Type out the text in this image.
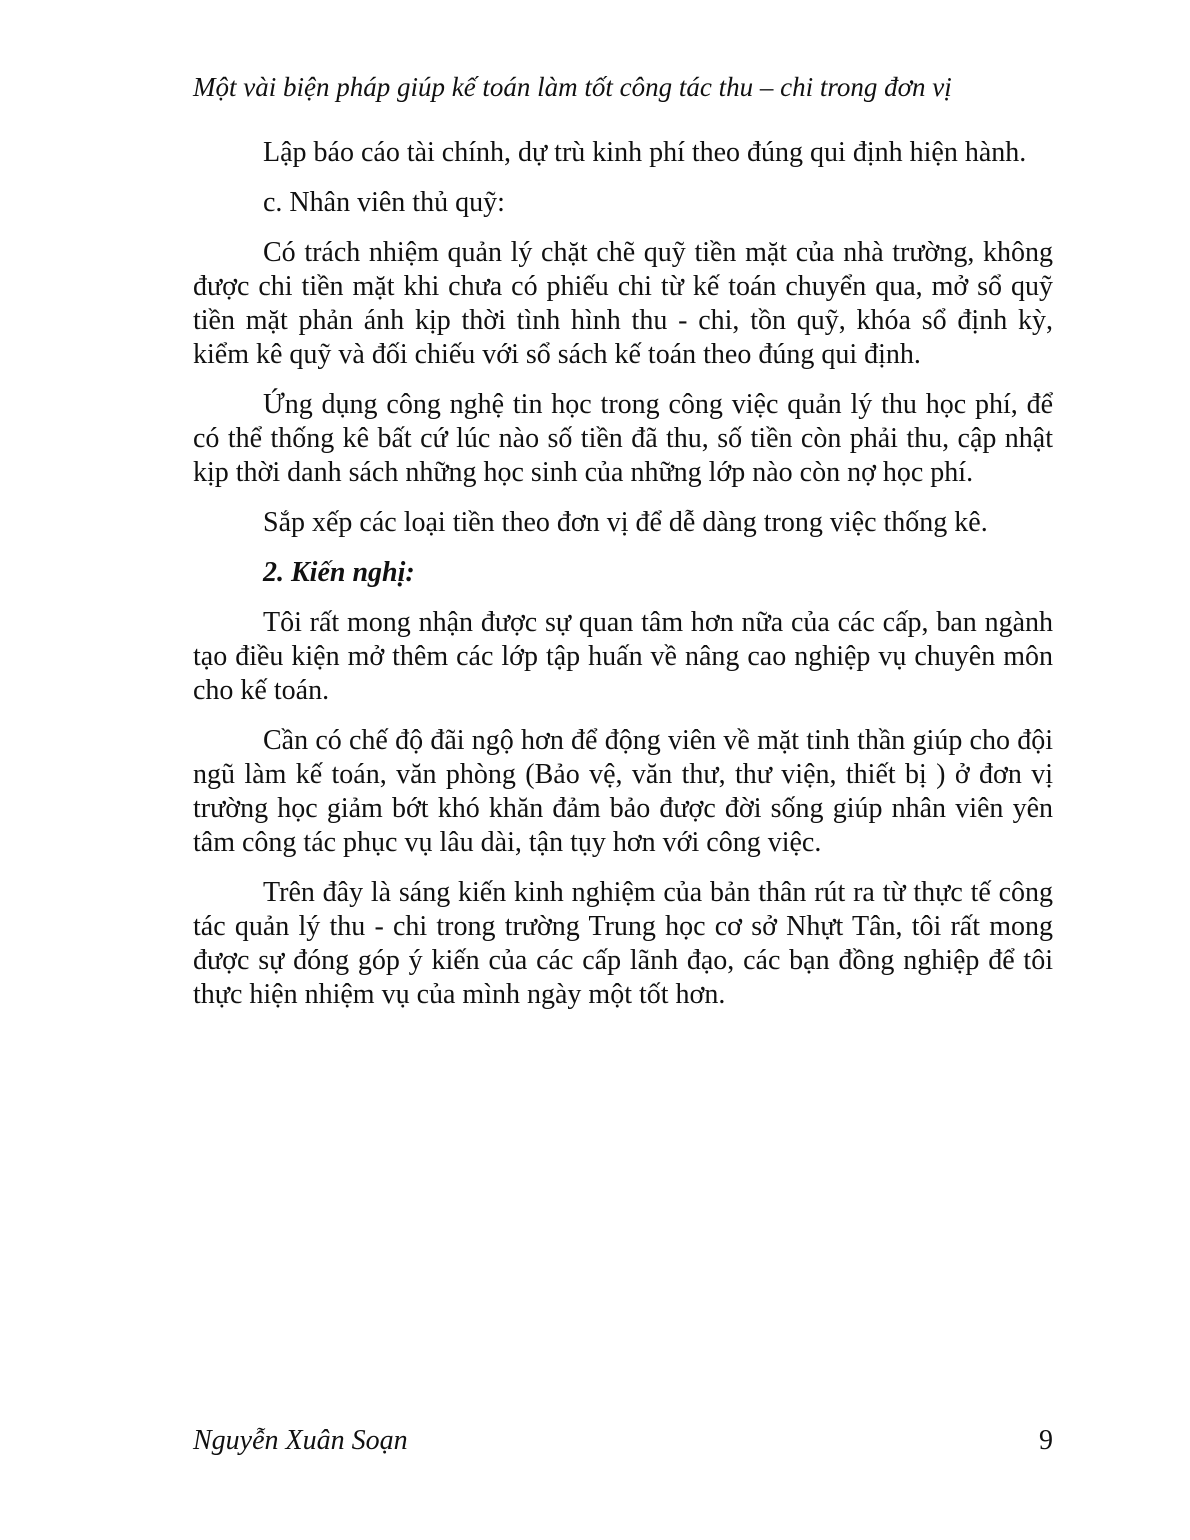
Một vài biện pháp giúp kế toán làm tốt công tác thu – chi trong đơn vị

Lập báo cáo tài chính, dự trù kinh phí theo đúng qui định hiện hành.

c. Nhân viên thủ quỹ:

Có trách nhiệm quản lý chặt chẽ quỹ tiền mặt của nhà trường, không được chi tiền mặt khi chưa có phiếu chi từ kế toán chuyển qua, mở sổ quỹ tiền mặt phản ánh kịp thời tình hình thu - chi, tồn quỹ, khóa sổ định kỳ, kiểm kê quỹ và đối chiếu với sổ sách kế toán theo đúng qui định.

Ứng dụng công nghệ tin học trong công việc quản lý thu học phí, để có thể thống kê bất cứ lúc nào số tiền đã thu, số tiền còn phải thu, cập nhật kịp thời danh sách những học sinh của những lớp nào còn nợ học phí.

Sắp xếp các loại tiền theo đơn vị để dễ dàng trong việc thống kê.

2. Kiến nghị:

Tôi rất mong nhận được sự quan tâm hơn nữa của các cấp, ban ngành tạo điều kiện mở thêm các lớp tập huấn về nâng cao nghiệp vụ chuyên môn cho kế toán.

Cần có chế độ đãi ngộ hơn để động viên về mặt tinh thần giúp cho đội ngũ làm kế toán, văn phòng (Bảo vệ, văn thư, thư viện, thiết bị ) ở đơn vị trường học giảm bớt khó khăn đảm bảo được đời sống giúp nhân viên yên tâm công tác phục vụ lâu dài, tận tụy hơn với công việc.

Trên đây là sáng kiến kinh nghiệm của bản thân rút ra từ thực tế công tác quản lý thu - chi trong trường Trung học cơ sở Nhựt Tân, tôi rất mong được sự đóng góp ý kiến của các cấp lãnh đạo, các bạn đồng nghiệp để tôi thực hiện nhiệm vụ của mình ngày một tốt hơn.

Nguyễn Xuân Soạn	9
